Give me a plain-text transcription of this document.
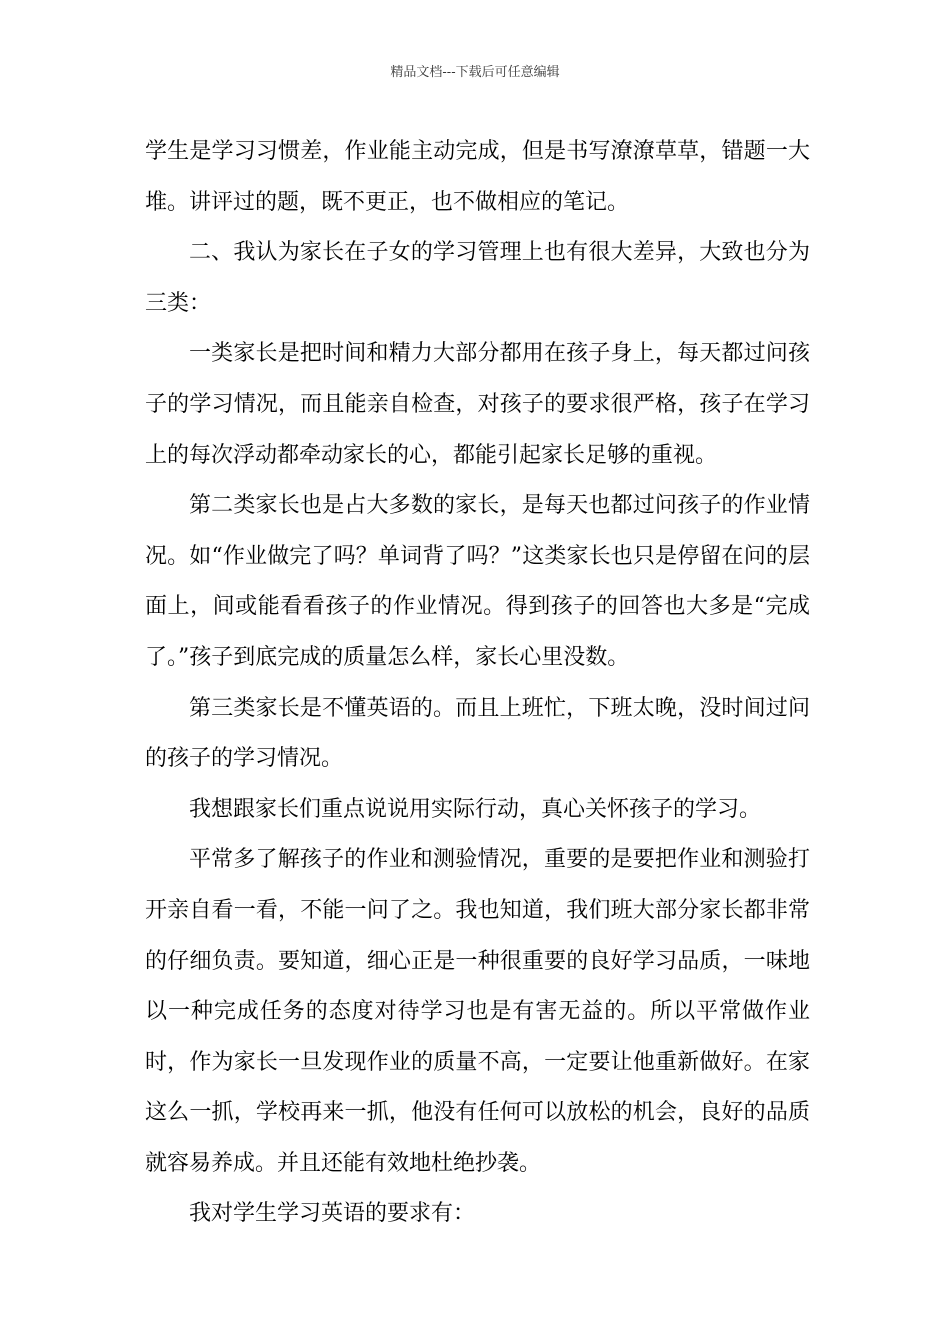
精品文档---下载后可任意编辑

学生是学习习惯差，作业能主动完成，但是书写潦潦草草，错题一大堆。讲评过的题，既不更正，也不做相应的笔记。

二、我认为家长在子女的学习管理上也有很大差异，大致也分为三类：

一类家长是把时间和精力大部分都用在孩子身上，每天都过问孩子的学习情况，而且能亲自检查，对孩子的要求很严格，孩子在学习上的每次浮动都牵动家长的心，都能引起家长足够的重视。

第二类家长也是占大多数的家长，是每天也都过问孩子的作业情况。如“作业做完了吗？单词背了吗？”这类家长也只是停留在问的层面上，间或能看看孩子的作业情况。得到孩子的回答也大多是“完成了。”孩子到底完成的质量怎么样，家长心里没数。

第三类家长是不懂英语的。而且上班忙，下班太晚，没时间过问的孩子的学习情况。

我想跟家长们重点说说用实际行动，真心关怀孩子的学习。

平常多了解孩子的作业和测验情况，重要的是要把作业和测验打开亲自看一看，不能一问了之。我也知道，我们班大部分家长都非常的仔细负责。要知道，细心正是一种很重要的良好学习品质，一味地以一种完成任务的态度对待学习也是有害无益的。所以平常做作业时，作为家长一旦发现作业的质量不高，一定要让他重新做好。在家这么一抓，学校再来一抓，他没有任何可以放松的机会，良好的品质就容易养成。并且还能有效地杜绝抄袭。

我对学生学习英语的要求有：
